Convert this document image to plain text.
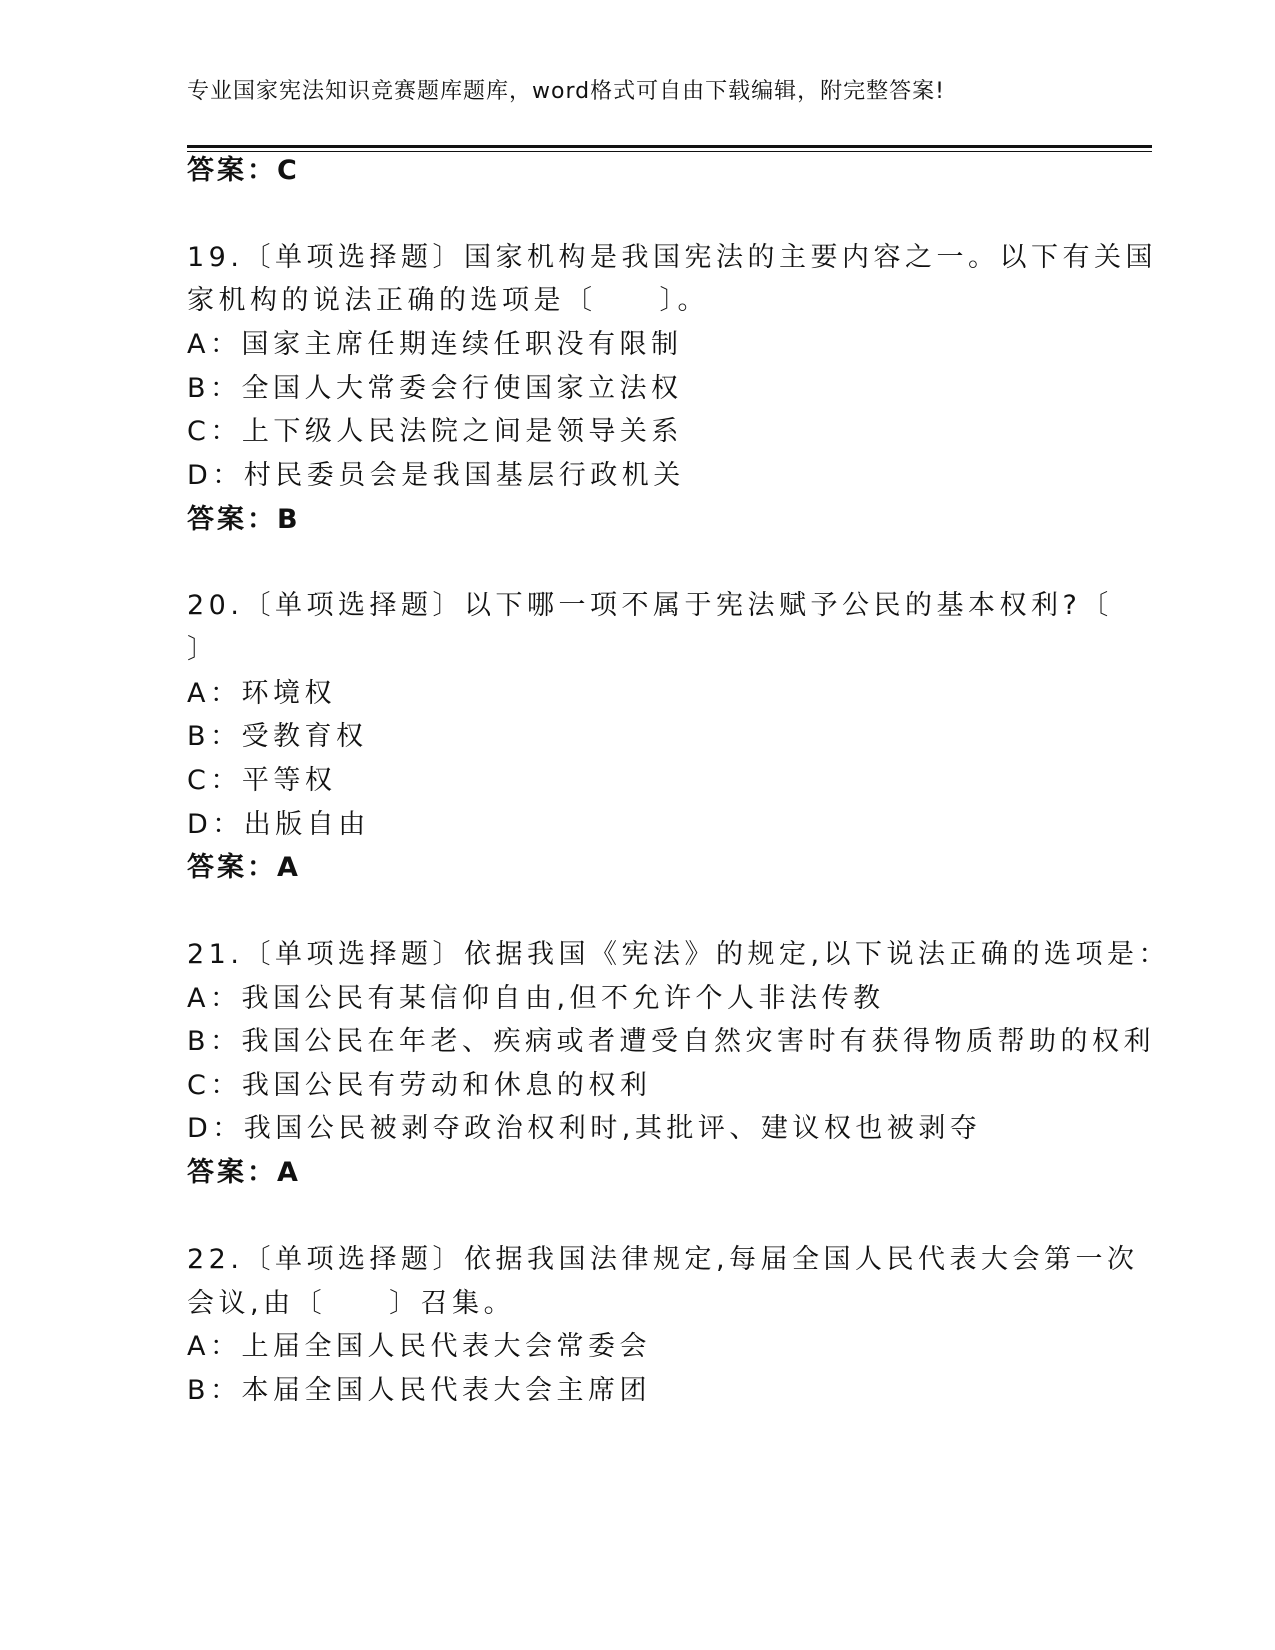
专业国家宪法知识竞赛题库题库，word格式可自由下载编辑，附完整答案!
答案：C
19.〔单项选择题〕国家机构是我国宪法的主要内容之一。以下有关国
家机构的说法正确的选项是〔　　〕。
A：国家主席任期连续任职没有限制
B：全国人大常委会行使国家立法权
C：上下级人民法院之间是领导关系
D：村民委员会是我国基层行政机关
答案：B
20.〔单项选择题〕以下哪一项不属于宪法赋予公民的基本权利?〔
〕
A：环境权
B：受教育权
C：平等权
D：出版自由
答案：A
21.〔单项选择题〕依据我国《宪法》的规定,以下说法正确的选项是：
A：我国公民有某信仰自由,但不允许个人非法传教
B：我国公民在年老、疾病或者遭受自然灾害时有获得物质帮助的权利
C：我国公民有劳动和休息的权利
D：我国公民被剥夺政治权利时,其批评、建议权也被剥夺
答案：A
22.〔单项选择题〕依据我国法律规定,每届全国人民代表大会第一次
会议,由〔　　〕召集。
A：上届全国人民代表大会常委会
B：本届全国人民代表大会主席团
